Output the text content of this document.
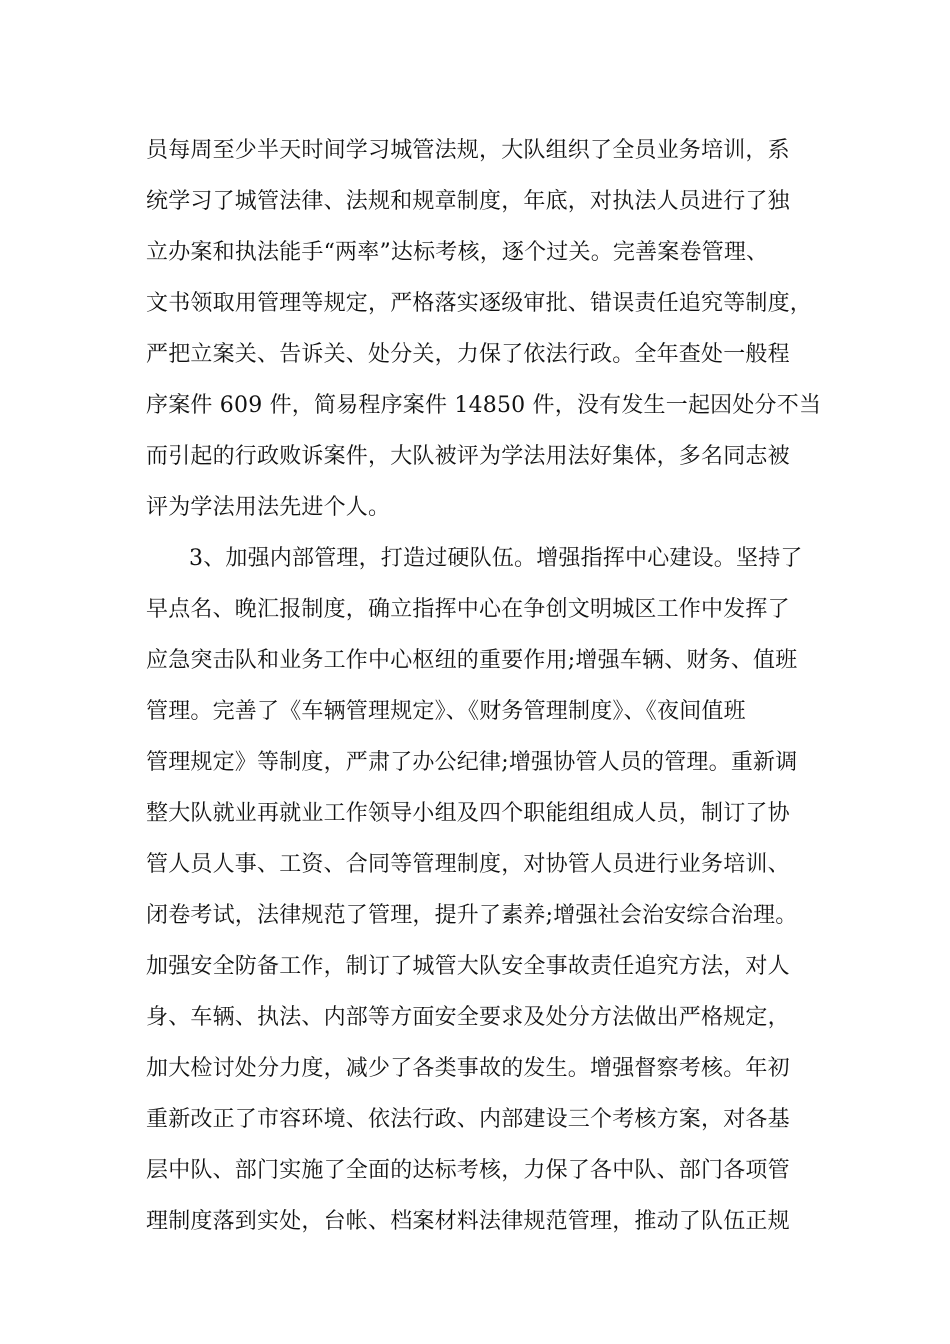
员每周至少半天时间学习城管法规，大队组织了全员业务培训，系
统学习了城管法律、法规和规章制度，年底，对执法人员进行了独
立办案和执法能手“两率”达标考核，逐个过关。完善案卷管理、
文书领取用管理等规定，严格落实逐级审批、错误责任追究等制度，
严把立案关、告诉关、处分关，力保了依法行政。全年查处一般程
序案件 609 件，简易程序案件 14850 件，没有发生一起因处分不当
而引起的行政败诉案件，大队被评为学法用法好集体，多名同志被
评为学法用法先进个人。
3、加强内部管理，打造过硬队伍。增强指挥中心建设。坚持了
早点名、晚汇报制度，确立指挥中心在争创文明城区工作中发挥了
应急突击队和业务工作中心枢纽的重要作用;增强车辆、财务、值班
管理。完善了《车辆管理规定》、《财务管理制度》、《夜间值班
管理规定》等制度，严肃了办公纪律;增强协管人员的管理。重新调
整大队就业再就业工作领导小组及四个职能组组成人员，制订了协
管人员人事、工资、合同等管理制度，对协管人员进行业务培训、
闭卷考试，法律规范了管理，提升了素养;增强社会治安综合治理。
加强安全防备工作，制订了城管大队安全事故责任追究方法，对人
身、车辆、执法、内部等方面安全要求及处分方法做出严格规定，
加大检讨处分力度，减少了各类事故的发生。增强督察考核。年初
重新改正了市容环境、依法行政、内部建设三个考核方案，对各基
层中队、部门实施了全面的达标考核，力保了各中队、部门各项管
理制度落到实处，台帐、档案材料法律规范管理，推动了队伍正规
